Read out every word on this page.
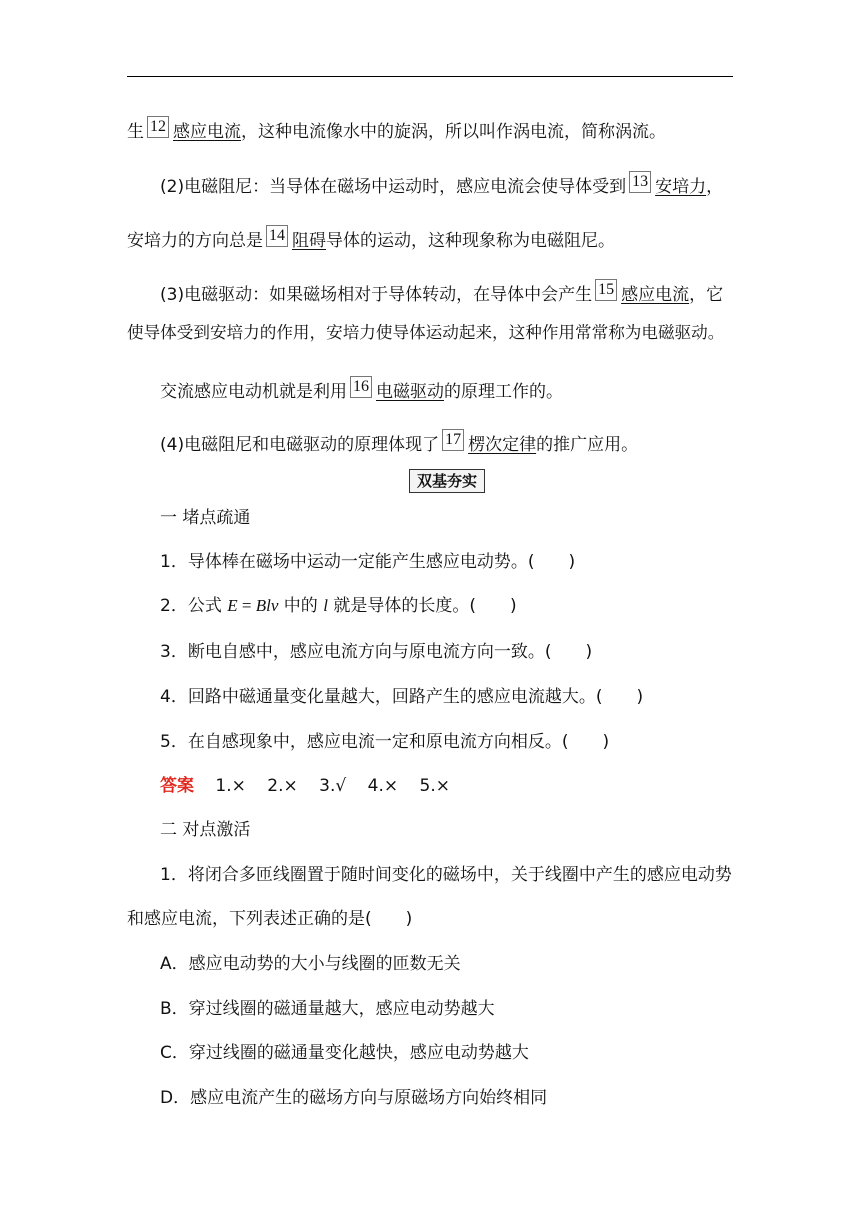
生 12 感应电流，这种电流像水中的旋涡，所以叫作涡电流，简称涡流。
(2)电磁阻尼：当导体在磁场中运动时，感应电流会使导体受到 13 安培力，
安培力的方向总是 14 阻碍导体的运动，这种现象称为电磁阻尼。
(3)电磁驱动：如果磁场相对于导体转动，在导体中会产生 15 感应电流，它
使导体受到安培力的作用，安培力使导体运动起来，这种作用常常称为电磁驱动。
交流感应电动机就是利用 16 电磁驱动的原理工作的。
(4)电磁阻尼和电磁驱动的原理体现了 17 楞次定律的推广应用。
双基夯实
一 堵点疏通
1．导体棒在磁场中运动一定能产生感应电动势。(　　)
2．公式 E = Blv 中的 l 就是导体的长度。(　　)
3．断电自感中，感应电流方向与原电流方向一致。(　　)
4．回路中磁通量变化量越大，回路产生的感应电流越大。(　　)
5．在自感现象中，感应电流一定和原电流方向相反。(　　)
答案 1.× 2.× 3.√ 4.× 5.×
二 对点激活
1．将闭合多匝线圈置于随时间变化的磁场中，关于线圈中产生的感应电动势
和感应电流，下列表述正确的是(　　)
A．感应电动势的大小与线圈的匝数无关
B．穿过线圈的磁通量越大，感应电动势越大
C．穿过线圈的磁通量变化越快，感应电动势越大
D．感应电流产生的磁场方向与原磁场方向始终相同
